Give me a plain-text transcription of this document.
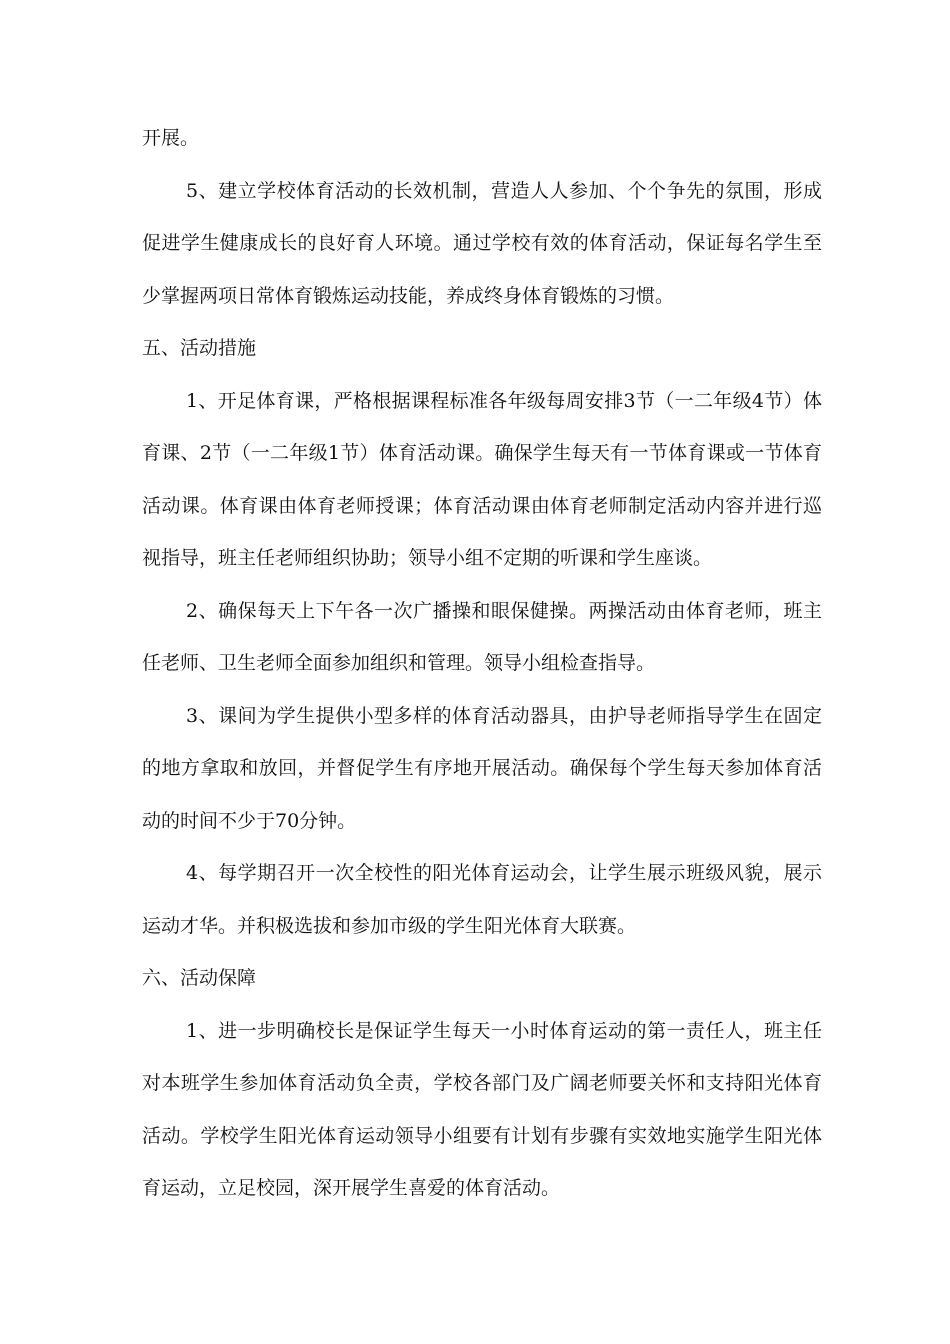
开展。

5、建立学校体育活动的长效机制，营造人人参加、个个争先的氛围，形成促进学生健康成长的良好育人环境。通过学校有效的体育活动，保证每名学生至少掌握两项日常体育锻炼运动技能，养成终身体育锻炼的习惯。

五、活动措施

1、开足体育课，严格根据课程标准各年级每周安排3节（一二年级4节）体育课、2节（一二年级1节）体育活动课。确保学生每天有一节体育课或一节体育活动课。体育课由体育老师授课；体育活动课由体育老师制定活动内容并进行巡视指导，班主任老师组织协助；领导小组不定期的听课和学生座谈。

2、确保每天上下午各一次广播操和眼保健操。两操活动由体育老师，班主任老师、卫生老师全面参加组织和管理。领导小组检查指导。

3、课间为学生提供小型多样的体育活动器具，由护导老师指导学生在固定的地方拿取和放回，并督促学生有序地开展活动。确保每个学生每天参加体育活动的时间不少于70分钟。

4、每学期召开一次全校性的阳光体育运动会，让学生展示班级风貌，展示运动才华。并积极选拔和参加市级的学生阳光体育大联赛。

六、活动保障

1、进一步明确校长是保证学生每天一小时体育运动的第一责任人，班主任对本班学生参加体育活动负全责，学校各部门及广阔老师要关怀和支持阳光体育活动。学校学生阳光体育运动领导小组要有计划有步骤有实效地实施学生阳光体育运动，立足校园，深开展学生喜爱的体育活动。
